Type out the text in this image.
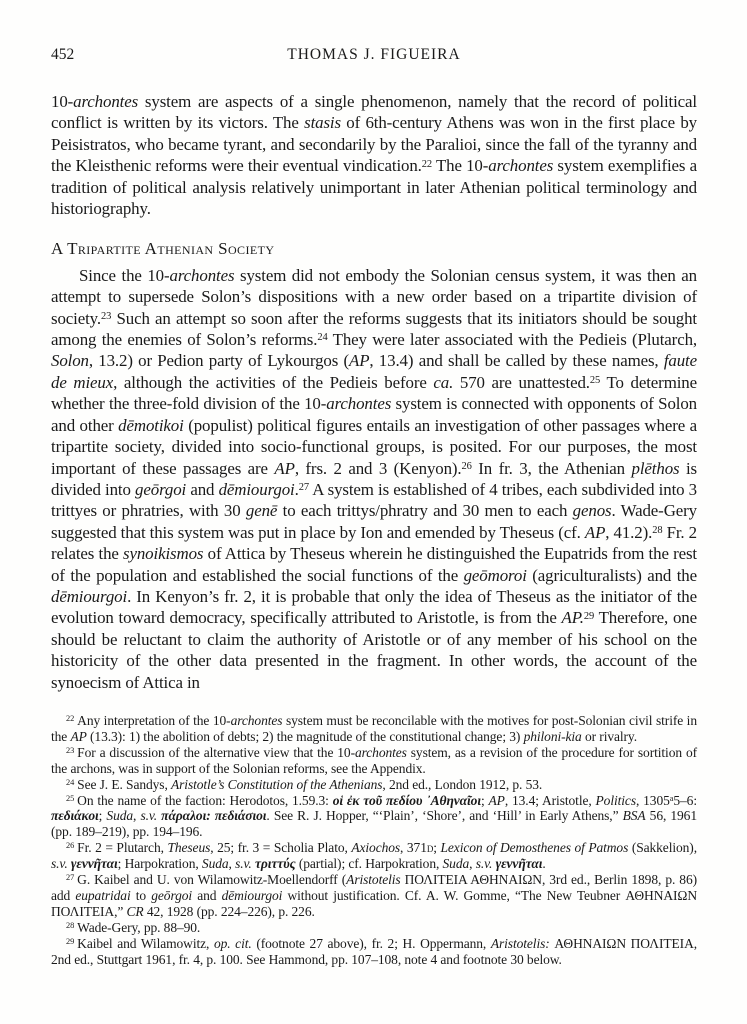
452	THOMAS J. FIGUEIRA

10-archontes system are aspects of a single phenomenon, namely that the record of political conflict is written by its victors. The stasis of 6th-century Athens was won in the first place by Peisistratos, who became tyrant, and secondarily by the Paralioi, since the fall of the tyranny and the Kleisthenic reforms were their eventual vindication.$^{22}$ The 10-archontes system exemplifies a tradition of political analysis relatively unimportant in later Athenian political terminology and historiography.

A Tripartite Athenian Society

Since the 10-archontes system did not embody the Solonian census system, it was then an attempt to supersede Solon’s dispositions with a new order based on a tripartite division of society.$^{23}$ Such an attempt so soon after the reforms suggests that its initiators should be sought among the enemies of Solon’s reforms.$^{24}$ They were later associated with the Pedieis (Plutarch, Solon, 13.2) or Pedion party of Lykourgos (AP, 13.4) and shall be called by these names, faute de mieux, although the activities of the Pedieis before ca. 570 are unattested.$^{25}$ To determine whether the three-fold division of the 10-archontes system is connected with opponents of Solon and other dēmotikoi (populist) political figures entails an investigation of other passages where a tripartite society, divided into socio-functional groups, is posited. For our purposes, the most important of these passages are AP, frs. 2 and 3 (Kenyon).$^{26}$ In fr. 3, the Athenian plēthos is divided into geōrgoi and dēmiourgoi.$^{27}$ A system is established of 4 tribes, each subdivided into 3 trittyes or phratries, with 30 genē to each trittys/phratry and 30 men to each genos. Wade-Gery suggested that this system was put in place by Ion and emended by Theseus (cf. AP, 41.2).$^{28}$ Fr. 2 relates the synoikismos of Attica by Theseus wherein he distinguished the Eupatrids from the rest of the population and established the social functions of the geōmoroi (agriculturalists) and the dēmiourgoi. In Kenyon’s fr. 2, it is probable that only the idea of Theseus as the initiator of the evolution toward democracy, specifically attributed to Aristotle, is from the AP.$^{29}$ Therefore, one should be reluctant to claim the authority of Aristotle or of any member of his school on the historicity of the other data presented in the fragment. In other words, the account of the synoecism of Attica in

$^{22}$ Any interpretation of the 10-archontes system must be reconcilable with the motives for post-Solonian civil strife in the AP (13.3): 1) the abolition of debts; 2) the magnitude of the constitutional change; 3) philoni-kia or rivalry.

$^{23}$ For a discussion of the alternative view that the 10-archontes system, as a revision of the procedure for sortition of the archons, was in support of the Solonian reforms, see the Appendix.

$^{24}$ See J. E. Sandys, Aristotle’s Constitution of the Athenians, 2nd ed., London 1912, p. 53.

$^{25}$ On the name of the faction: Herodotos, 1.59.3: οἱ ἐκ τοῦ πεδίου ᾽Αθηναῖοι; AP, 13.4; Aristotle, Politics, 1305$^a$5–6: πεδιάκοι; Suda, s.v. πάραλοι: πεδιάσιοι. See R. J. Hopper, “‘Plain’, ‘Shore’, and ‘Hill’ in Early Athens,” BSA 56, 1961 (pp. 189–219), pp. 194–196.

$^{26}$ Fr. 2 = Plutarch, Theseus, 25; fr. 3 = Scholia Plato, Axiochos, 371d; Lexicon of Demosthenes of Patmos (Sakkelion), s.v. γεννῆται; Harpokration, Suda, s.v. τριττύς (partial); cf. Harpokration, Suda, s.v. γεννῆται.

$^{27}$ G. Kaibel and U. von Wilamowitz-Moellendorff (Aristotelis ΠΟΛΙΤΕΙΑ ΑΘΗΝΑΙΩΝ, 3rd ed., Berlin 1898, p. 86) add eupatridai to geōrgoi and dēmiourgoi without justification. Cf. A. W. Gomme, “The New Teubner ΑΘΗΝΑΙΩΝ ΠΟΛΙΤΕΙΑ,” CR 42, 1928 (pp. 224–226), p. 226.

$^{28}$ Wade-Gery, pp. 88–90.

$^{29}$ Kaibel and Wilamowitz, op. cit. (footnote 27 above), fr. 2; H. Oppermann, Aristotelis: ΑΘΗΝΑΙΩΝ ΠΟΛΙΤΕΙΑ, 2nd ed., Stuttgart 1961, fr. 4, p. 100. See Hammond, pp. 107–108, note 4 and footnote 30 below.
